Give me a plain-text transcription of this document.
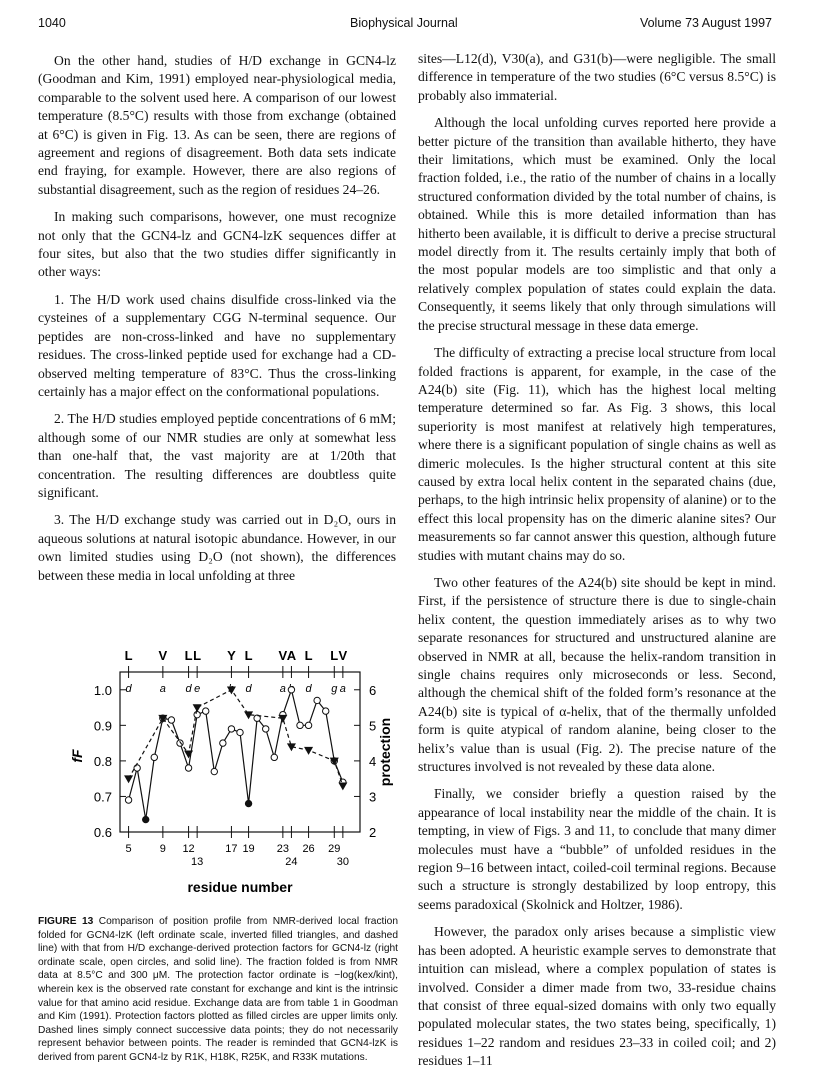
1040	Biophysical Journal	Volume 73 August 1997

On the other hand, studies of H/D exchange in GCN4-lz (Goodman and Kim, 1991) employed near-physiological media, comparable to the solvent used here. A comparison of our lowest temperature (8.5°C) results with those from exchange (obtained at 6°C) is given in Fig. 13. As can be seen, there are regions of agreement and regions of disagreement. Both data sets indicate end fraying, for example. However, there are also regions of substantial disagreement, such as the region of residues 24–26.

In making such comparisons, however, one must recognize not only that the GCN4-lz and GCN4-lzK sequences differ at four sites, but also that the two studies differ significantly in other ways:

1. The H/D work used chains disulfide cross-linked via the cysteines of a supplementary CGG N-terminal sequence. Our peptides are non-cross-linked and have no supplementary residues. The cross-linked peptide used for exchange had a CD-observed melting temperature of 83°C. Thus the cross-linking certainly has a major effect on the conformational populations.

2. The H/D studies employed peptide concentrations of 6 mM; although some of our NMR studies are only at somewhat less than one-half that, the vast majority are at 1/20th that concentration. The resulting differences are doubtless quite significant.

3. The H/D exchange study was carried out in D₂O, ours in aqueous solutions at natural isotopic abundance. However, in our own limited studies using D₂O (not shown), the differences between these media in local unfolding at three

0.6
0.7
0.8
0.9
1.0
2
3
4
5
6
fF	protection
residue number
5	9 12	17 19 23 26 29
13	24	30
L
d
V
a
L
d
L
e
Y L
d
V
a
A L
d
L
g
V
a
FIGURE 13 Comparison of position profile from NMR-derived local fraction folded for GCN4-lzK (left ordinate scale, inverted filled triangles, and dashed line) with that from H/D exchange-derived protection factors for GCN4-lz (right ordinate scale, open circles, and solid line). The fraction folded is from NMR data at 8.5°C and 300 μM. The protection factor ordinate is −log(kex/kint), wherein kex is the observed rate constant for exchange and kint is the intrinsic value for that amino acid residue. Exchange data are from table 1 in Goodman and Kim (1991). Protection factors plotted as filled circles are upper limits only. Dashed lines simply connect successive data points; they do not necessarily represent behavior between points. The reader is reminded that GCN4-lzK is derived from parent GCN4-lz by R1K, H18K, R25K, and R33K mutations.

sites—L12(d), V30(a), and G31(b)—were negligible. The small difference in temperature of the two studies (6°C versus 8.5°C) is probably also immaterial.

Although the local unfolding curves reported here provide a better picture of the transition than available hitherto, they have their limitations, which must be examined. Only the local fraction folded, i.e., the ratio of the number of chains in a locally structured conformation divided by the total number of chains, is obtained. While this is more detailed information than has hitherto been available, it is difficult to derive a precise structural model directly from it. The results certainly imply that both of the most popular models are too simplistic and that only a relatively complex population of states could explain the data. Consequently, it seems likely that only through simulations will the precise structural message in these data emerge.

The difficulty of extracting a precise local structure from local folded fractions is apparent, for example, in the case of the A24(b) site (Fig. 11), which has the highest local melting temperature determined so far. As Fig. 3 shows, this local superiority is most manifest at relatively high temperatures, where there is a significant population of single chains as well as dimeric molecules. Is the higher structural content at this site caused by extra local helix content in the separated chains (due, perhaps, to the high intrinsic helix propensity of alanine) or to the effect this local propensity has on the dimeric alanine sites? Our measurements so far cannot answer this question, although future studies with mutant chains may do so.

Two other features of the A24(b) site should be kept in mind. First, if the persistence of structure there is due to single-chain helix content, the question immediately arises as to why two separate resonances for structured and unstructured alanine are observed in NMR at all, because the helix-random transition in single chains requires only microseconds or less. Second, although the chemical shift of the folded form’s resonance at the A24(b) site is typical of α-helix, that of the thermally unfolded form is quite atypical of random alanine, being closer to the helix’s value than is usual (Fig. 2). The precise nature of the structures involved is not revealed by these data alone.

Finally, we consider briefly a question raised by the appearance of local instability near the middle of the chain. It is tempting, in view of Figs. 3 and 11, to conclude that many dimer molecules must have a “bubble” of unfolded residues in the region 9–16 between intact, coiled-coil terminal regions. Because such a structure is strongly destabilized by loop entropy, this seems paradoxical (Skolnick and Holtzer, 1986).

However, the paradox only arises because a simplistic view has been adopted. A heuristic example serves to demonstrate that intuition can mislead, where a complex population of states is involved. Consider a dimer made from two, 33-residue chains that consist of three equal-sized domains with only two equally populated molecular states, the two states being, specifically, 1) residues 1–22 random and residues 23–33 in coiled coil; and 2) residues 1–11
